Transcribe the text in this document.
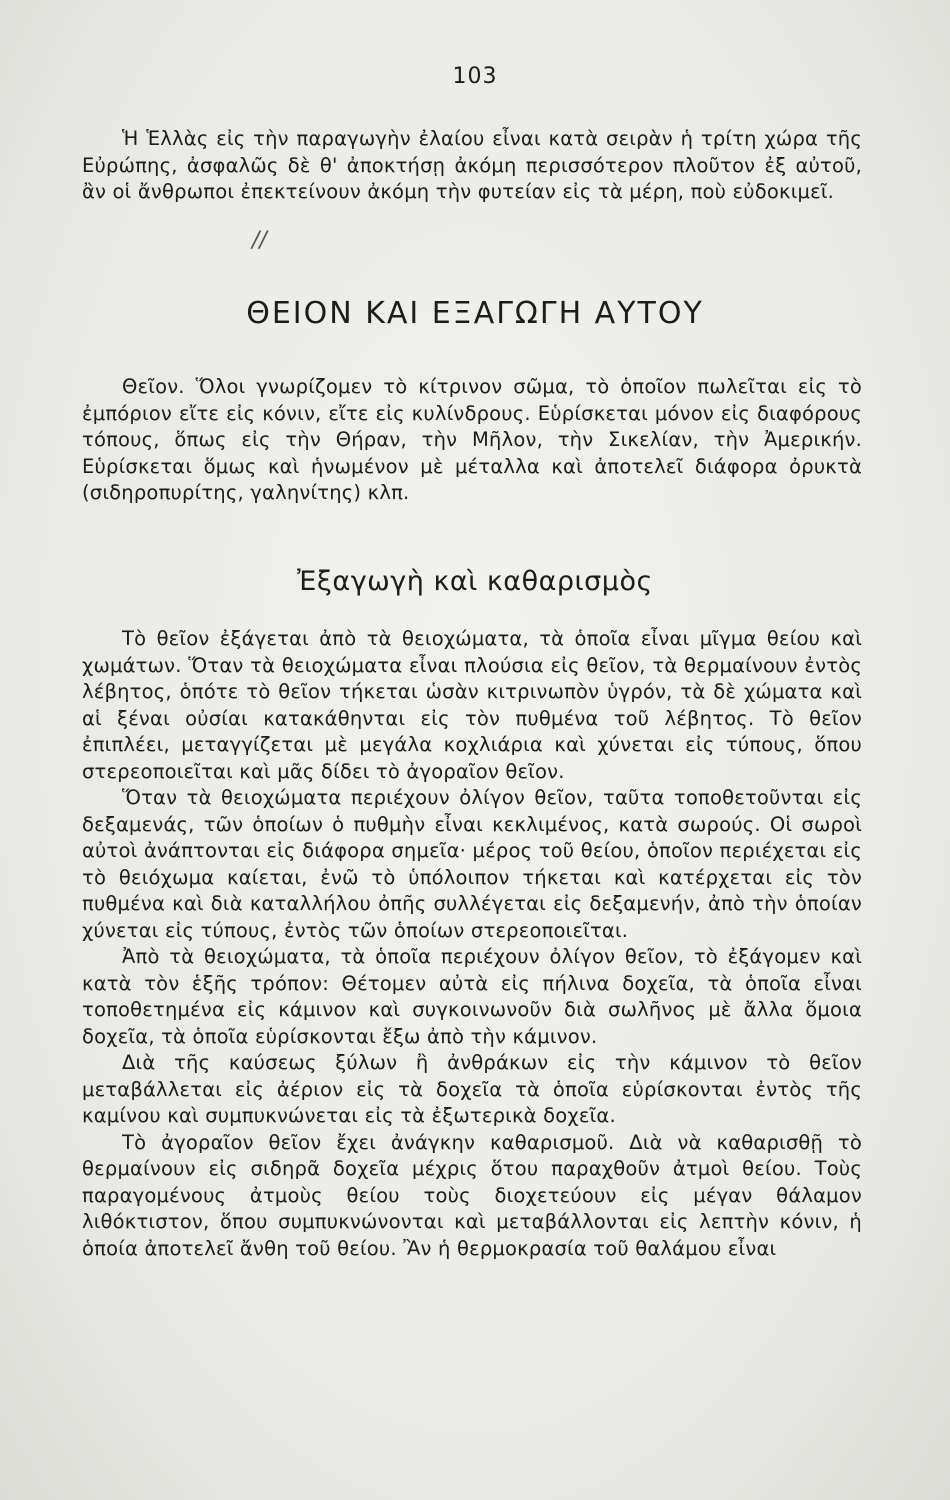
103

Ἡ Ἑλλὰς εἰς τὴν παραγωγὴν ἐλαίου εἶναι κατὰ σειρὰν ἡ τρίτη χώρα τῆς Εὐρώπης, ἀσφαλῶς δὲ θ' ἀποκτήσῃ ἀκόμη περισσότερον πλοῦτον ἐξ αὐτοῦ, ἂν οἱ ἄνθρωποι ἐπεκτείνουν ἀκόμη τὴν φυτείαν εἰς τὰ μέρη, ποὺ εὐδοκιμεῖ.

//
ΘΕΙΟΝ ΚΑΙ ΕΞΑΓΩΓΗ ΑΥΤΟΥ

Θεῖον. Ὅλοι γνωρίζομεν τὸ κίτρινον σῶμα, τὸ ὁποῖον πωλεῖται εἰς τὸ ἐμπόριον εἴτε εἰς κόνιν, εἴτε εἰς κυλίνδρους. Εὑρίσκεται μόνον εἰς διαφόρους τόπους, ὅπως εἰς τὴν Θήραν, τὴν Μῆλον, τὴν Σικελίαν, τὴν Ἀμερικήν. Εὑρίσκεται ὅμως καὶ ἡνωμένον μὲ μέταλλα καὶ ἀποτελεῖ διάφορα ὀρυκτὰ (σιδηροπυρίτης, γαληνίτης) κλπ.

Ἐξαγωγὴ καὶ καθαρισμὸς

Τὸ θεῖον ἐξάγεται ἀπὸ τὰ θειοχώματα, τὰ ὁποῖα εἶναι μῖγμα θείου καὶ χωμάτων. Ὅταν τὰ θειοχώματα εἶναι πλούσια εἰς θεῖον, τὰ θερμαίνουν ἐντὸς λέβητος, ὁπότε τὸ θεῖον τήκεται ὡσὰν κιτρινωπὸν ὑγρόν, τὰ δὲ χώματα καὶ αἱ ξέναι οὐσίαι κατακάθηνται εἰς τὸν πυθμένα τοῦ λέβητος. Τὸ θεῖον ἐπιπλέει, μεταγγίζεται μὲ μεγάλα κοχλιάρια καὶ χύνεται εἰς τύπους, ὅπου στερεοποιεῖται καὶ μᾶς δίδει τὸ ἀγοραῖον θεῖον.

Ὅταν τὰ θειοχώματα περιέχουν ὀλίγον θεῖον, ταῦτα τοποθετοῦνται εἰς δεξαμενάς, τῶν ὁποίων ὁ πυθμὴν εἶναι κεκλιμένος, κατὰ σωρούς. Οἱ σωροὶ αὐτοὶ ἀνάπτονται εἰς διάφορα σημεῖα· μέρος τοῦ θείου, ὁποῖον περιέχεται εἰς τὸ θειόχωμα καίεται, ἐνῶ τὸ ὑπόλοιπον τήκεται καὶ κατέρχεται εἰς τὸν πυθμένα καὶ διὰ καταλλήλου ὀπῆς συλλέγεται εἰς δεξαμενήν, ἀπὸ τὴν ὁποίαν χύνεται εἰς τύπους, ἐντὸς τῶν ὁποίων στερεοποιεῖται.

Ἀπὸ τὰ θειοχώματα, τὰ ὁποῖα περιέχουν ὀλίγον θεῖον, τὸ ἐξάγομεν καὶ κατὰ τὸν ἑξῆς τρόπον: Θέτομεν αὐτὰ εἰς πήλινα δοχεῖα, τὰ ὁποῖα εἶναι τοποθετημένα εἰς κάμινον καὶ συγκοινωνοῦν διὰ σωλῆνος μὲ ἄλλα ὅμοια δοχεῖα, τὰ ὁποῖα εὑρίσκονται ἔξω ἀπὸ τὴν κάμινον.

Διὰ τῆς καύσεως ξύλων ἢ ἀνθράκων εἰς τὴν κάμινον τὸ θεῖον μεταβάλλεται εἰς ἀέριον εἰς τὰ δοχεῖα τὰ ὁποῖα εὑρίσκονται ἐντὸς τῆς καμίνου καὶ συμπυκνώνεται εἰς τὰ ἐξωτερικὰ δοχεῖα.

Τὸ ἀγοραῖον θεῖον ἔχει ἀνάγκην καθαρισμοῦ. Διὰ νὰ καθαρισθῇ τὸ θερμαίνουν εἰς σιδηρᾶ δοχεῖα μέχρις ὅτου παραχθοῦν ἀτμοὶ θείου. Τοὺς παραγομένους ἀτμοὺς θείου τοὺς διοχετεύουν εἰς μέγαν θάλαμον λιθόκτιστον, ὅπου συμπυκνώνονται καὶ μεταβάλλονται εἰς λεπτὴν κόνιν, ἡ ὁποία ἀποτελεῖ ἄνθη τοῦ θείου. Ἂν ἡ θερμοκρασία τοῦ θαλάμου εἶναι
